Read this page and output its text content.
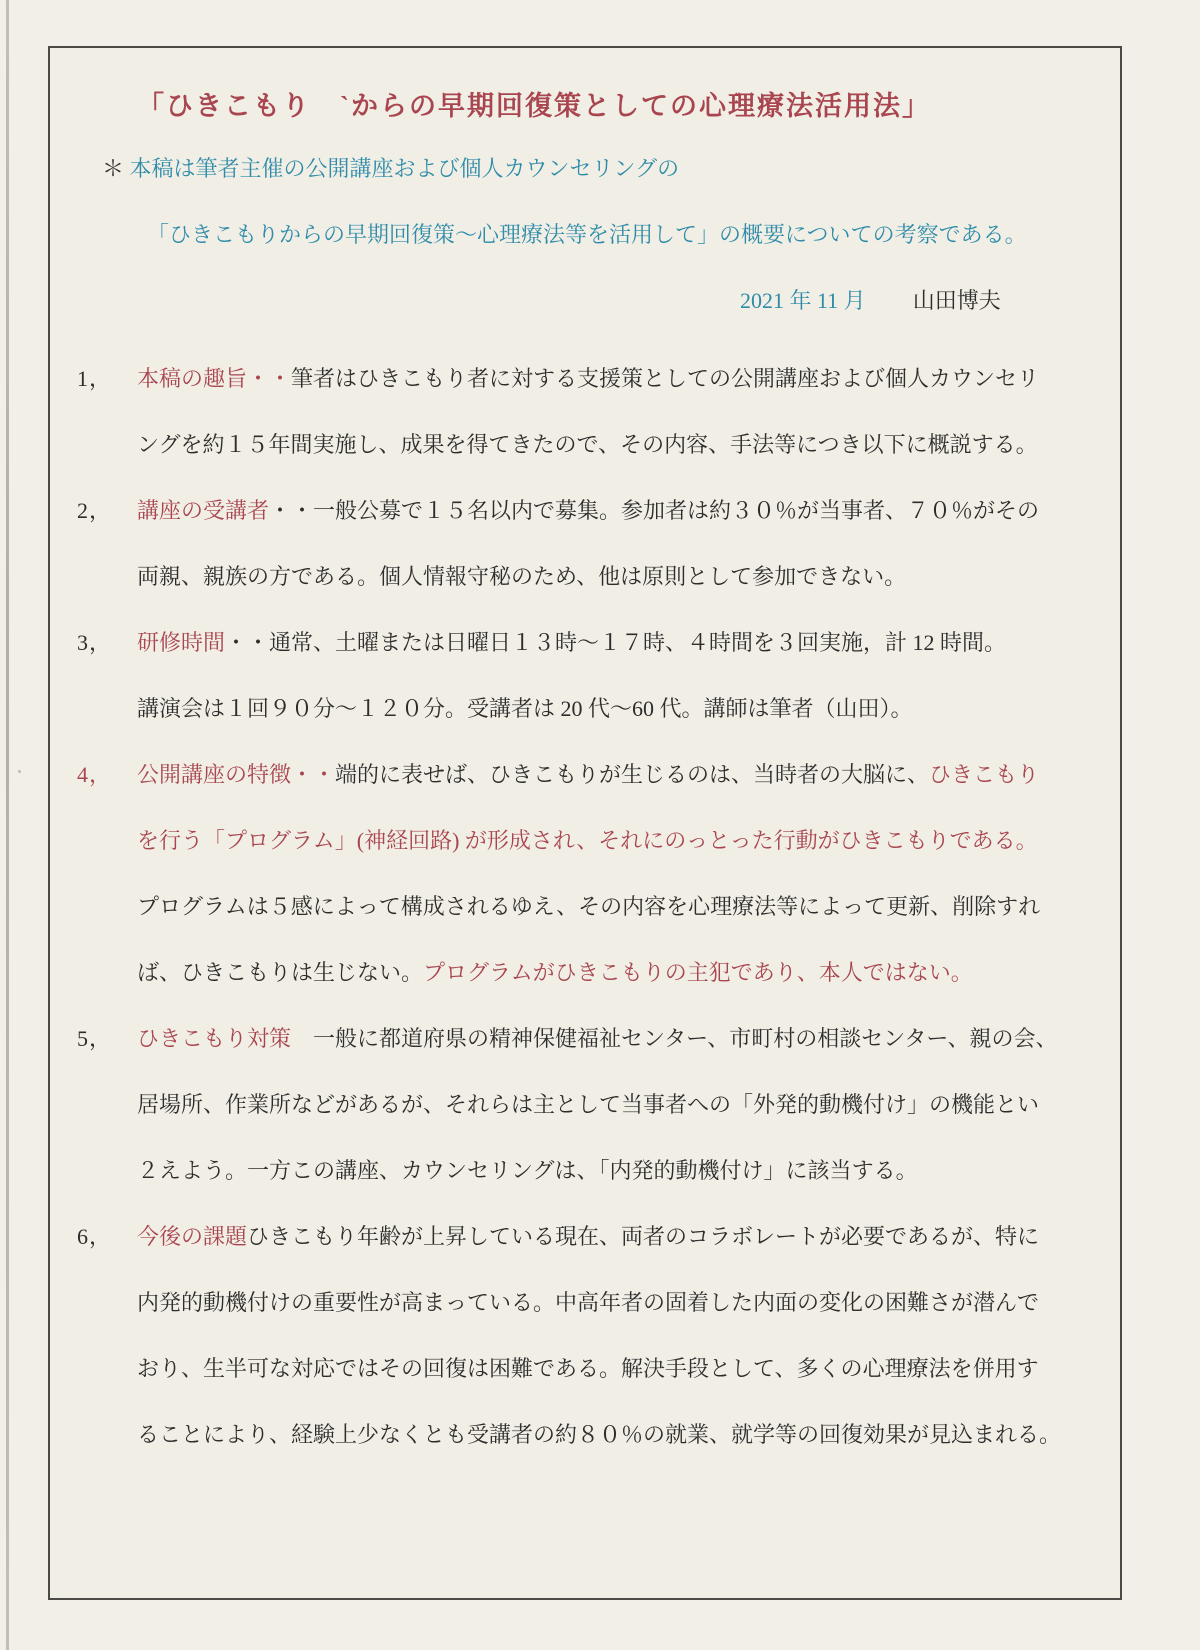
「ひきこもり　`からの早期回復策としての心理療法活用法」
＊ 本稿は筆者主催の公開講座および個人カウンセリングの
「ひきこもりからの早期回復策～心理療法等を活用して」の概要についての考察である。
2021 年 11 月 山田博夫
1， 本稿の趣旨・・筆者はひきこもり者に対する支援策としての公開講座および個人カウンセリ
ングを約１５年間実施し、成果を得てきたので、その内容、手法等につき以下に概説する。
2， 講座の受講者・・一般公募で１５名以内で募集。参加者は約３０％が当事者、７０％がその
両親、親族の方である。個人情報守秘のため、他は原則として参加できない。
3， 研修時間・・通常、土曜または日曜日１３時～１７時、４時間を３回実施，計 12 時間。
講演会は１回９０分～１２０分。受講者は 20 代～60 代。講師は筆者（山田）。
4， 公開講座の特徴・・端的に表せば、ひきこもりが生じるのは、当時者の大脳に、ひきこもり
を行う「プログラム」(神経回路) が形成され、それにのっとった行動がひきこもりである。
プログラムは５感によって構成されるゆえ、その内容を心理療法等によって更新、削除すれ
ば、ひきこもりは生じない。プログラムがひきこもりの主犯であり、本人ではない。
5， ひきこもり対策　一般に都道府県の精神保健福祉センター、市町村の相談センター、親の会、
居場所、作業所などがあるが、それらは主として当事者への「外発的動機付け」の機能とい
２えよう。一方この講座、カウンセリングは、「内発的動機付け」に該当する。
6， 今後の課題ひきこもり年齢が上昇している現在、両者のコラボレートが必要であるが、特に
内発的動機付けの重要性が高まっている。中高年者の固着した内面の変化の困難さが潜んで
おり、生半可な対応ではその回復は困難である。解決手段として、多くの心理療法を併用す
ることにより、経験上少なくとも受講者の約８０％の就業、就学等の回復効果が見込まれる。
